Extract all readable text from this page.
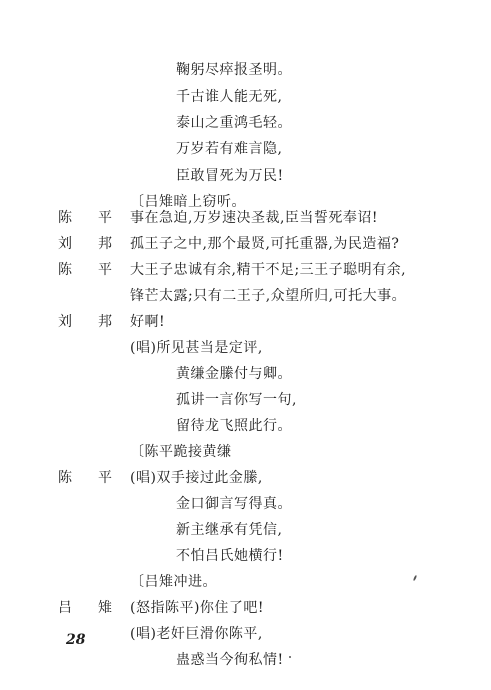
鞠躬尽瘁报圣明。
千古谁人能无死,
泰山之重鸿毛轻。
万岁若有难言隐,
臣敢冒死为万民!
〔吕雉暗上窃听。
陈 平 事在急迫,万岁速决圣裁,臣当誓死奉诏!
刘 邦 孤王子之中,那个最贤,可托重器,为民造福?
陈 平 大王子忠诚有余,精干不足;三王子聪明有余,
锋芒太露;只有二王子,众望所归,可托大事。
刘 邦 好啊!
(唱)所见甚当是定评,
黄缣金縢付与卿。
孤讲一言你写一句,
留待龙飞照此行。
〔陈平跪接黄缣
陈 平 (唱)双手接过此金縢,
金口御言写得真。
新主继承有凭信,
不怕吕氏她横行!
〔吕雉冲进。
吕 雉 (怒指陈平)你住了吧!
(唱)老奸巨滑你陈平,
蛊惑当今徇私情!
28
